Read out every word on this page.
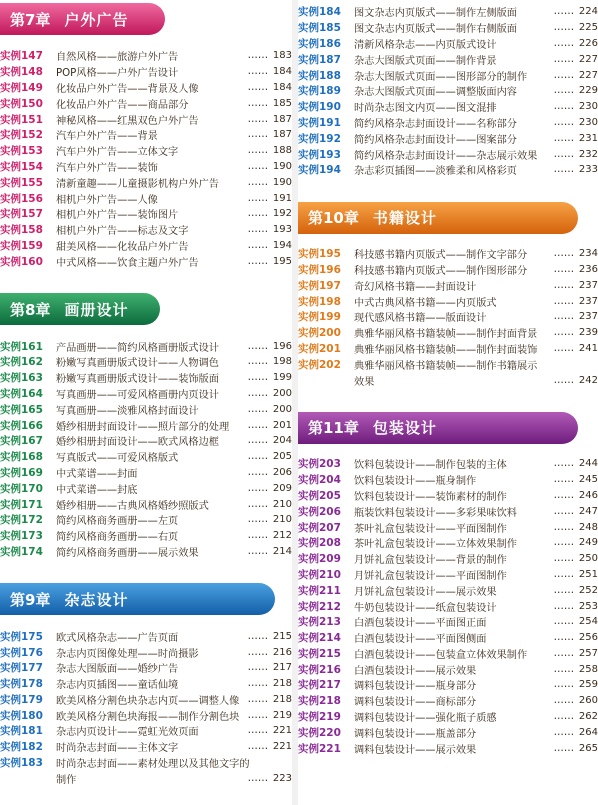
第7章 户外广告
实例147	自然风格——旅游户外广告	…… 183
实例148	POP风格——户外广告设计	…… 184
实例149	化妆品户外广告——背景及人像	…… 184
实例150	化妆品户外广告——商品部分	…… 185
实例151	神秘风格——红黑双色户外广告	…… 187
实例152	汽车户外广告——背景	…… 187
实例153	汽车户外广告——立体文字	…… 188
实例154	汽车户外广告——装饰	…… 190
实例155	清新童趣——儿童摄影机构户外广告	…… 190
实例156	相机户外广告——人像	…… 191
实例157	相机户外广告——装饰图片	…… 192
实例158	相机户外广告——标志及文字	…… 193
实例159	甜美风格——化妆品户外广告	…… 194
实例160	中式风格——饮食主题户外广告	…… 195
第8章 画册设计
实例161	产品画册——简约风格画册版式设计	…… 196
实例162	粉嫩写真画册版式设计——人物调色	…… 198
实例163	粉嫩写真画册版式设计——装饰版面	…… 199
实例164	写真画册——可爱风格画册内页设计	…… 200
实例165	写真画册——淡雅风格封面设计	…… 200
实例166	婚纱相册封面设计——照片部分的处理	…… 201
实例167	婚纱相册封面设计——欧式风格边框	…… 204
实例168	写真版式——可爱风格版式	…… 205
实例169	中式菜谱——封面	…… 206
实例170	中式菜谱——封底	…… 209
实例171	婚纱相册——古典风格婚纱照版式	…… 210
实例172	简约风格商务画册——左页	…… 210
实例173	简约风格商务画册——右页	…… 212
实例174	简约风格商务画册——展示效果	…… 214
第9章 杂志设计
实例175	欧式风格杂志——广告页面	…… 215
实例176	杂志内页图像处理——时尚摄影	…… 216
实例177	杂志大图版面——婚纱广告	…… 217
实例178	杂志内页插图——童话仙境	…… 218
实例179	欧美风格分割色块杂志内页——调整人像 …… 218
实例180	欧美风格分割色块海报——制作分割色块 …… 219
实例181	杂志内页设计——霓虹光效页面	…… 221
实例182	时尚杂志封面——主体文字	…… 221
实例183	时尚杂志封面——素材处理以及其他文字的
制作	…… 223
实例184	图文杂志内页版式——制作左侧版面	…… 224
实例185	图文杂志内页版式——制作右侧版面	…… 225
实例186	清新风格杂志——内页版式设计	…… 226
实例187	杂志大图版式页面——制作背景	…… 227
实例188	杂志大图版式页面——图形部分的制作	…… 227
实例189	杂志大图版式页面——调整版面内容	…… 229
实例190	时尚杂志图文内页——图文混排	…… 230
实例191	简约风格杂志封面设计——名称部分	…… 230
实例192	简约风格杂志封面设计——图案部分	…… 231
实例193	简约风格杂志封面设计——杂志展示效果	…… 232
实例194	杂志彩页插图——淡雅柔和风格彩页	…… 233
第10章 书籍设计
实例195	科技感书籍内页版式——制作文字部分	…… 234
实例196	科技感书籍内页版式——制作图形部分	…… 236
实例197	奇幻风格书籍——封面设计	…… 237
实例198	中式古典风格书籍——内页版式	…… 237
实例199	现代感风格书籍——版面设计	…… 237
实例200	典雅华丽风格书籍装帧——制作封面背景	…… 239
实例201	典雅华丽风格书籍装帧——制作封面装饰	…… 241
实例202	典雅华丽风格书籍装帧——制作书籍展示
效果	…… 242
第11章 包装设计
实例203	饮料包装设计——制作包装的主体	…… 244
实例204	饮料包装设计——瓶身制作	…… 245
实例205	饮料包装设计——装饰素材的制作	…… 246
实例206	瓶装饮料包装设计——多彩果味饮料	…… 247
实例207	茶叶礼盒包装设计——平面图制作	…… 248
实例208	茶叶礼盒包装设计——立体效果制作	…… 249
实例209	月饼礼盒包装设计——背景的制作	…… 250
实例210	月饼礼盒包装设计——平面图制作	…… 251
实例211	月饼礼盒包装设计——展示效果	…… 252
实例212	牛奶包装设计——纸盒包装设计	…… 253
实例213	白酒包装设计——平面图正面	…… 254
实例214	白酒包装设计——平面图侧面	…… 256
实例215	白酒包装设计——包装盒立体效果制作	…… 257
实例216	白酒包装设计——展示效果	…… 258
实例217	调料包装设计——瓶身部分	…… 259
实例218	调料包装设计——商标部分	…… 260
实例219	调料包装设计——强化瓶子质感	…… 262
实例220	调料包装设计——瓶盖部分	…… 264
实例221	调料包装设计——展示效果	…… 265
